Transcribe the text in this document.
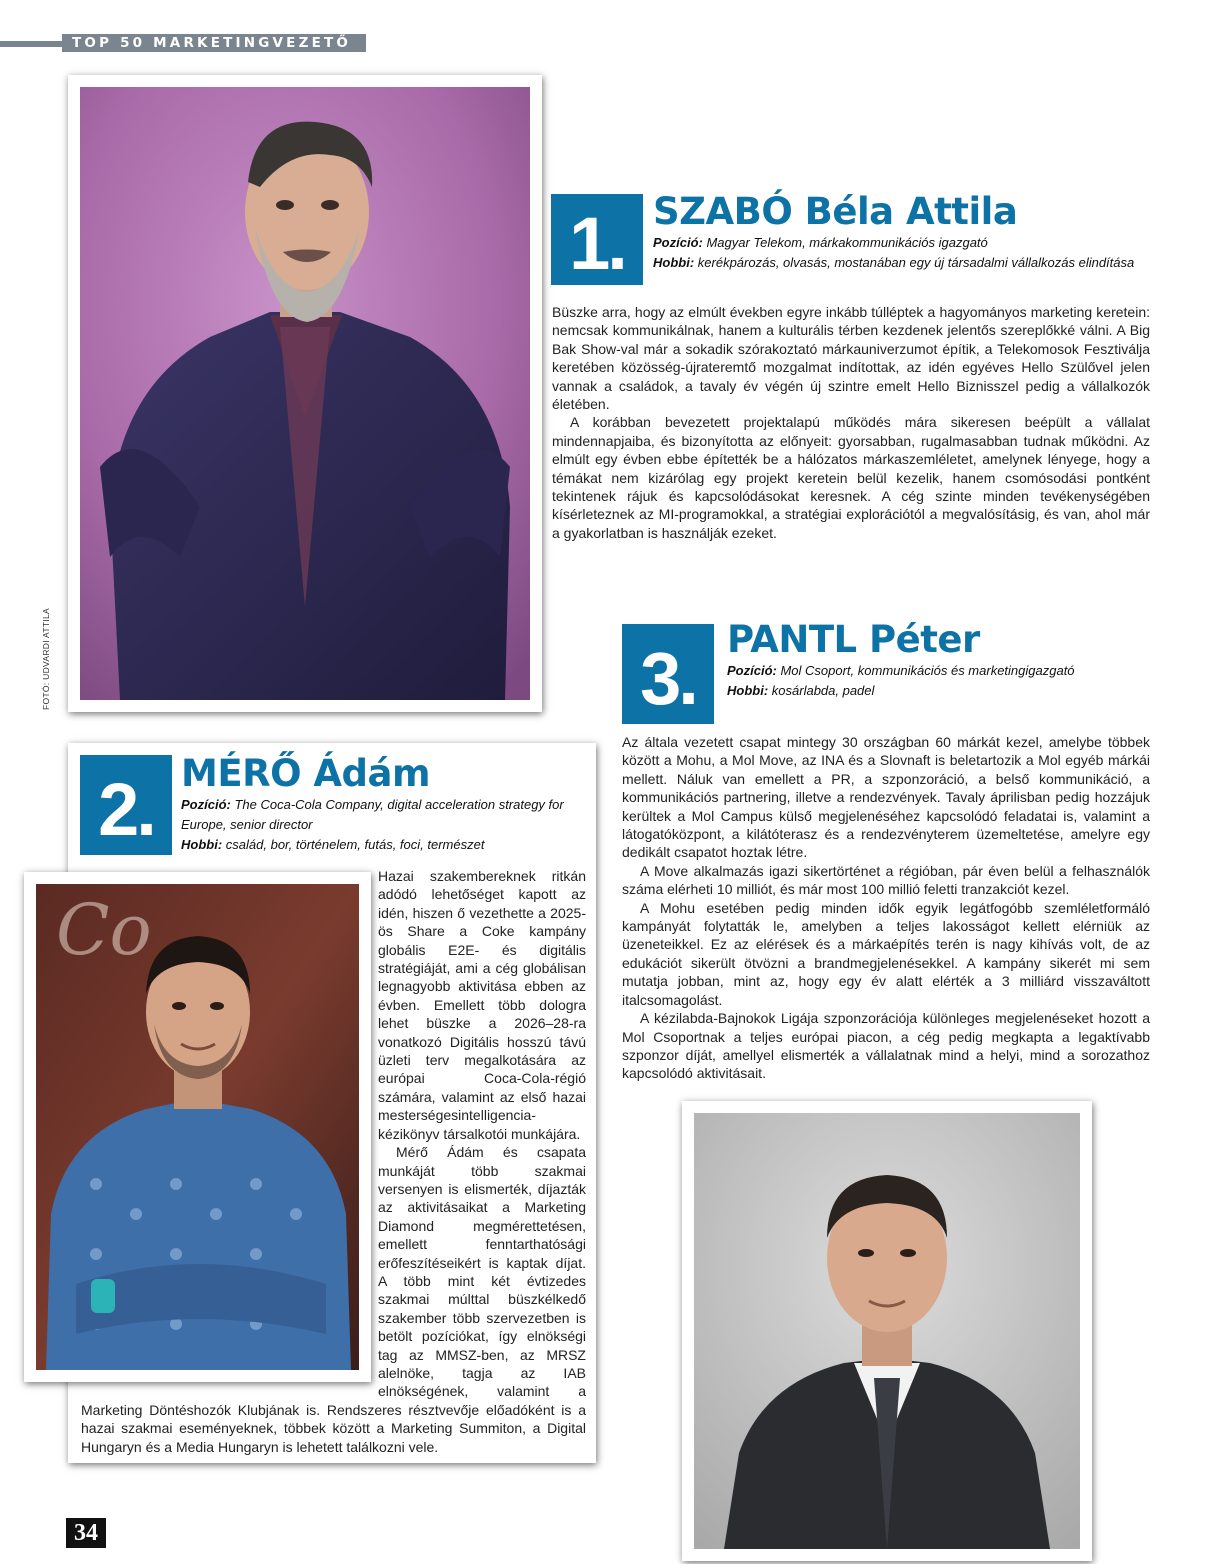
TOP 50 MARKETINGVEZETŐ
FOTÓ: UDVARDI ATTILA
1. SZABÓ Béla Attila
Pozíció: Magyar Telekom, márkakommunikációs igazgató
Hobbi: kerékpározás, olvasás, mostanában egy új társadalmi vállalkozás elindítása

Büszke arra, hogy az elmúlt években egyre inkább túlléptek a hagyományos marketing keretein: nemcsak kommunikálnak, hanem a kulturális térben kezdenek jelentős szereplőkké válni. A Big Bak Show-val már a sokadik szórakoztató márkauniverzumot építik, a Telekomosok Fesztiválja keretében közösség-újrateremtő mozgalmat indítottak, az idén egyéves Hello Szülővel jelen vannak a családok, a tavaly év végén új szintre emelt Hello Biznisszel pedig a vállalkozók életében.

A korábban bevezetett projektalapú működés mára sikeresen beépült a vállalat mindennapjaiba, és bizonyította az előnyeit: gyorsabban, rugalmasabban tudnak működni. Az elmúlt egy évben ebbe építették be a hálózatos márkaszemléletet, amelynek lényege, hogy a témákat nem kizárólag egy projekt keretein belül kezelik, hanem csomósodási pontként tekintenek rájuk és kapcsolódásokat keresnek. A cég szinte minden tevékenységében kísérleteznek az MI-programokkal, a stratégiai explorációtól a megvalósításig, és van, ahol már a gyakorlatban is használják ezeket.

2. MÉRŐ Ádám
Pozíció: The Coca-Cola Company, digital acceleration strategy for Europe, senior director
Hobbi: család, bor, történelem, futás, foci, természet

Hazai szakembereknek ritkán adódó lehetőséget kapott az idén, hiszen ő vezethette a 2025-ös Share a Coke kampány globális E2E- és digitális stratégiáját, ami a cég globálisan legnagyobb aktivitása ebben az évben. Emellett több dologra lehet büszke a 2026–28-ra vonatkozó Digitális hosszú távú üzleti terv megalkotására az európai Coca-Cola-régió számára, valamint az első hazai mesterségesintelligencia-kézikönyv társalkotói munkájára.

Mérő Ádám és csapata munkáját több szakmai versenyen is elismerték, díjazták az aktivitásaikat a Marketing Diamond megmérettetésen, emellett fenntarthatósági erőfeszítéseikért is kaptak díjat. A több mint két évtizedes szakmai múlttal büszkélkedő szakember több szervezetben is betölt pozíciókat, így elnökségi tag az MMSZ-ben, az MRSZ alelnöke, tagja az IAB elnökségének, valamint a Marketing Döntéshozók Klubjának is. Rendszeres résztvevője előadóként is a hazai szakmai eseményeknek, többek között a Marketing Summiton, a Digital Hungaryn és a Media Hungaryn is lehetett találkozni vele.

Co
3. PANTL Péter
Pozíció: Mol Csoport, kommunikációs és marketingigazgató
Hobbi: kosárlabda, padel

Az általa vezetett csapat mintegy 30 országban 60 márkát kezel, amelybe többek között a Mohu, a Mol Move, az INA és a Slovnaft is beletartozik a Mol egyéb márkái mellett. Náluk van emellett a PR, a szponzoráció, a belső kommunikáció, a kommunikációs partnering, illetve a rendezvények. Tavaly áprilisban pedig hozzájuk kerültek a Mol Campus külső megjelenéséhez kapcsolódó feladatai is, valamint a látogatóközpont, a kilátóterasz és a rendezvényterem üzemeltetése, amelyre egy dedikált csapatot hoztak létre.

A Move alkalmazás igazi sikertörténet a régióban, pár éven belül a felhasználók száma elérheti 10 milliót, és már most 100 millió feletti tranzakciót kezel.

A Mohu esetében pedig minden idők egyik legátfogóbb szemléletformáló kampányát folytatták le, amelyben a teljes lakosságot kellett elérniük az üzeneteikkel. Ez az elérések és a márkaépítés terén is nagy kihívás volt, de az edukációt sikerült ötvözni a brandmegjelenésekkel. A kampány sikerét mi sem mutatja jobban, mint az, hogy egy év alatt elérték a 3 milliárd visszaváltott italcsomagolást.

A kézilabda-Bajnokok Ligája szponzorációja különleges megjelenéseket hozott a Mol Csoportnak a teljes európai piacon, a cég pedig megkapta a legaktívabb szponzor díját, amellyel elismerték a vállalatnak mind a helyi, mind a sorozathoz kapcsolódó aktivitásait.

34
